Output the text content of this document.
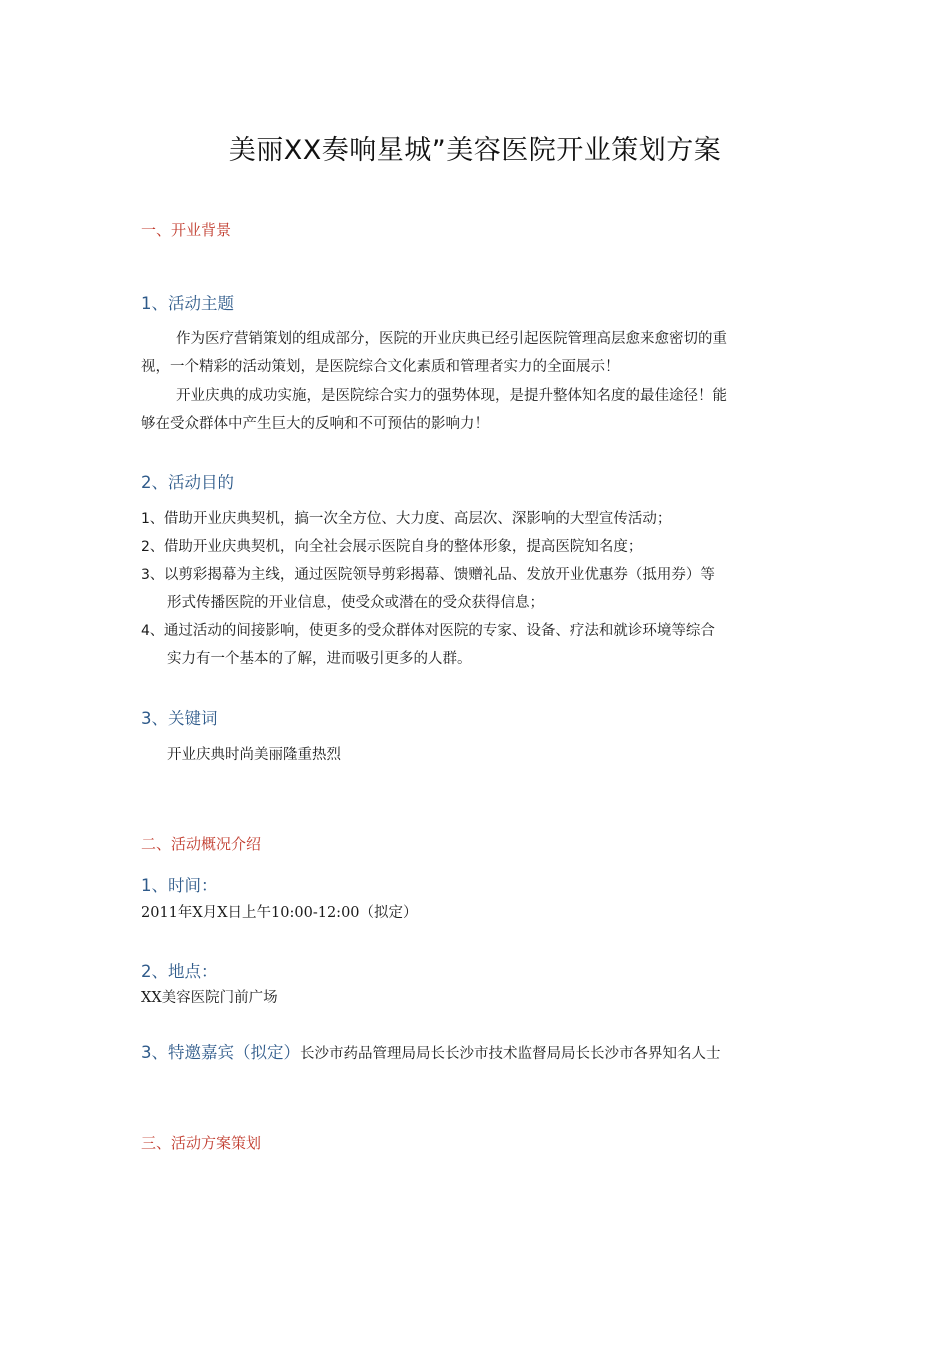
美丽XX奏响星城”美容医院开业策划方案
一、开业背景
1、活动主题
作为医疗营销策划的组成部分，医院的开业庆典已经引起医院管理高层愈来愈密切的重
视，一个精彩的活动策划，是医院综合文化素质和管理者实力的全面展示！
开业庆典的成功实施，是医院综合实力的强势体现，是提升整体知名度的最佳途径！能
够在受众群体中产生巨大的反响和不可预估的影响力！
2、活动目的
1、借助开业庆典契机，搞一次全方位、大力度、高层次、深影响的大型宣传活动；
2、借助开业庆典契机，向全社会展示医院自身的整体形象，提高医院知名度；
3、以剪彩揭幕为主线，通过医院领导剪彩揭幕、馈赠礼品、发放开业优惠券（抵用券）等
形式传播医院的开业信息，使受众或潜在的受众获得信息；
4、通过活动的间接影响，使更多的受众群体对医院的专家、设备、疗法和就诊环境等综合
实力有一个基本的了解，进而吸引更多的人群。
3、关键词
开业庆典时尚美丽隆重热烈
二、活动概况介绍
1、时间：
2011年X月X日上午10:00-12:00（拟定）
2、地点：
XX美容医院门前广场
3、特邀嘉宾（拟定）长沙市药品管理局局长长沙市技术监督局局长长沙市各界知名人士
三、活动方案策划
